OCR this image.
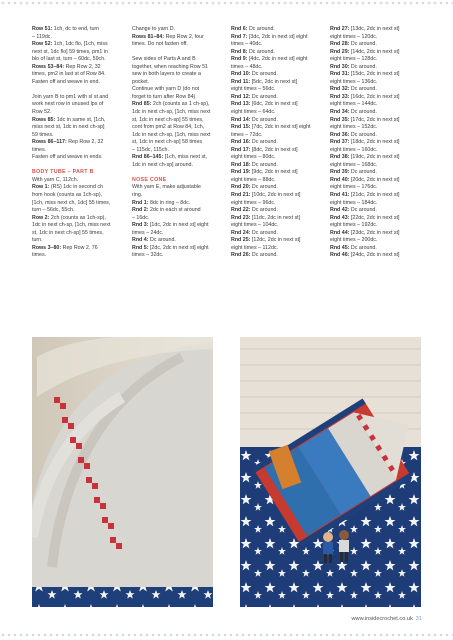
Row 51: 1ch, dc to end, turn

– 119dc.

Row 52: 1ch, 1dc flo, [1ch, miss

next st, 1dc flo] 59 times, pm1 in

blo of last st, turn – 60dc, 59ch.

Rows 53–84: Rep Row 2, 32

times, pm2 in last st of Row 84.

Fasten off and weave in end.

Join yarn B to pm1 with sl st and

work next row in unused lps of

Row 52.

Rows 85: 1dc in same st, [1ch,

miss next st, 1dc in next ch-sp]

59 times.

Rows 86–117: Rep Row 2, 32

times.

Fasten off and weave in ends.

BODY TUBE – PART B

With yarn C, 112ch.

Row 1: (RS) 1dc in second ch

from hook (counts as 1ch-sp),

[1ch, miss next ch, 1dc] 55 times,

turn – 56dc, 55ch.

Row 2: 2ch (counts as 1ch-sp),

1dc in next ch-sp, [1ch, miss next

st, 1dc in next ch-sp] 55 times,

turn.

Rows 3–80: Rep Row 2, 76

times.

Change to yarn D.

Rows 81–84: Rep Row 2, four

times. Do not fasten off.

Sew sides of Parts A and B

together, when reaching Row 51

sew in both layers to create a

pocket.

Continue with yarn D (do not

forget to turn after Row 84)

Rnd 85: 2ch (counts as 1 ch-sp),

1dc in next ch-sp, [1ch, miss next

st, 1dc in next ch-sp] 55 times,

cont from pm2 at Row 84, 1ch,

1dc in next ch-sp, [1ch, miss next

st, 1dc in next ch-sp] 58 times

– 115dc, 115ch.

Rnd 86–145: [1ch, miss next st,

1dc in next ch-sp] around.

NOSE CONE

With yarn E, make adjustable

ring.

Rnd 1: 8dc in ring – 8dc.

Rnd 2: 2dc in each st around

– 16dc.

Rnd 3: [1dc, 2dc in next st] eight

times – 24dc.

Rnd 4: Dc around.

Rnd 5: [2dc, 2dc in next st] eight

times – 32dc.

Rnd 6: Dc around.

Rnd 7: [3dc, 2dc in next st] eight

times – 40dc.

Rnd 8: Dc around.

Rnd 9: [4dc, 2dc in next st] eight

times – 48dc.

Rnd 10: Dc around.

Rnd 11: [5dc, 2dc in next st]

eight times – 56dc.

Rnd 12: Dc around.

Rnd 13: [6dc, 2dc in next st]

eight times – 64dc.

Rnd 14: Dc around.

Rnd 15: [7dc, 2dc in next st] eight

times – 72dc.

Rnd 16: Dc around.

Rnd 17: [8dc, 2dc in next st]

eight times – 80dc.

Rnd 18: Dc around.

Rnd 19: [9dc, 2dc in next st]

eight times – 88dc.

Rnd 20: Dc around.

Rnd 21: [10dc, 2dc in next st]

eight times – 96dc.

Rnd 22: Dc around.

Rnd 23: [11dc, 2dc in next st]

eight times – 104dc.

Rnd 24: Dc around.

Rnd 25: [12dc, 2dc in next st]

eight times – 112dc.

Rnd 26: Dc around.

Rnd 27: [13dc, 2dc in next st]

eight times – 120dc.

Rnd 28: Dc around.

Rnd 29: [14dc, 2dc in next st]

eight times – 128dc.

Rnd 30: Dc around.

Rnd 31: [15dc, 2dc in next st]

eight times – 136dc.

Rnd 32: Dc around.

Rnd 33: [16dc, 2dc in next st]

eight times – 144dc.

Rnd 34: Dc around.

Rnd 35: [17dc, 2dc in next st]

eight times – 152dc.

Rnd 36: Dc around.

Rnd 37: [18dc, 2dc in next st]

eight times – 160dc.

Rnd 38: [19dc, 2dc in next st]

eight times – 168dc.

Rnd 39: Dc around.

Rnd 40: [20dc, 2dc in next st]

eight times – 176dc.

Rnd 41: [21dc, 2dc in next st]

eight times – 184dc.

Rnd 42: Dc around.

Rnd 43: [22dc, 2dc in next st]

eight times – 192dc.

Rnd 44: [23dc, 2dc in next st]

eight times – 200dc.

Rnd 45: Dc around.

Rnd 46: [24dc, 2dc in next st]

www.insidecrochet.co.uk 31
